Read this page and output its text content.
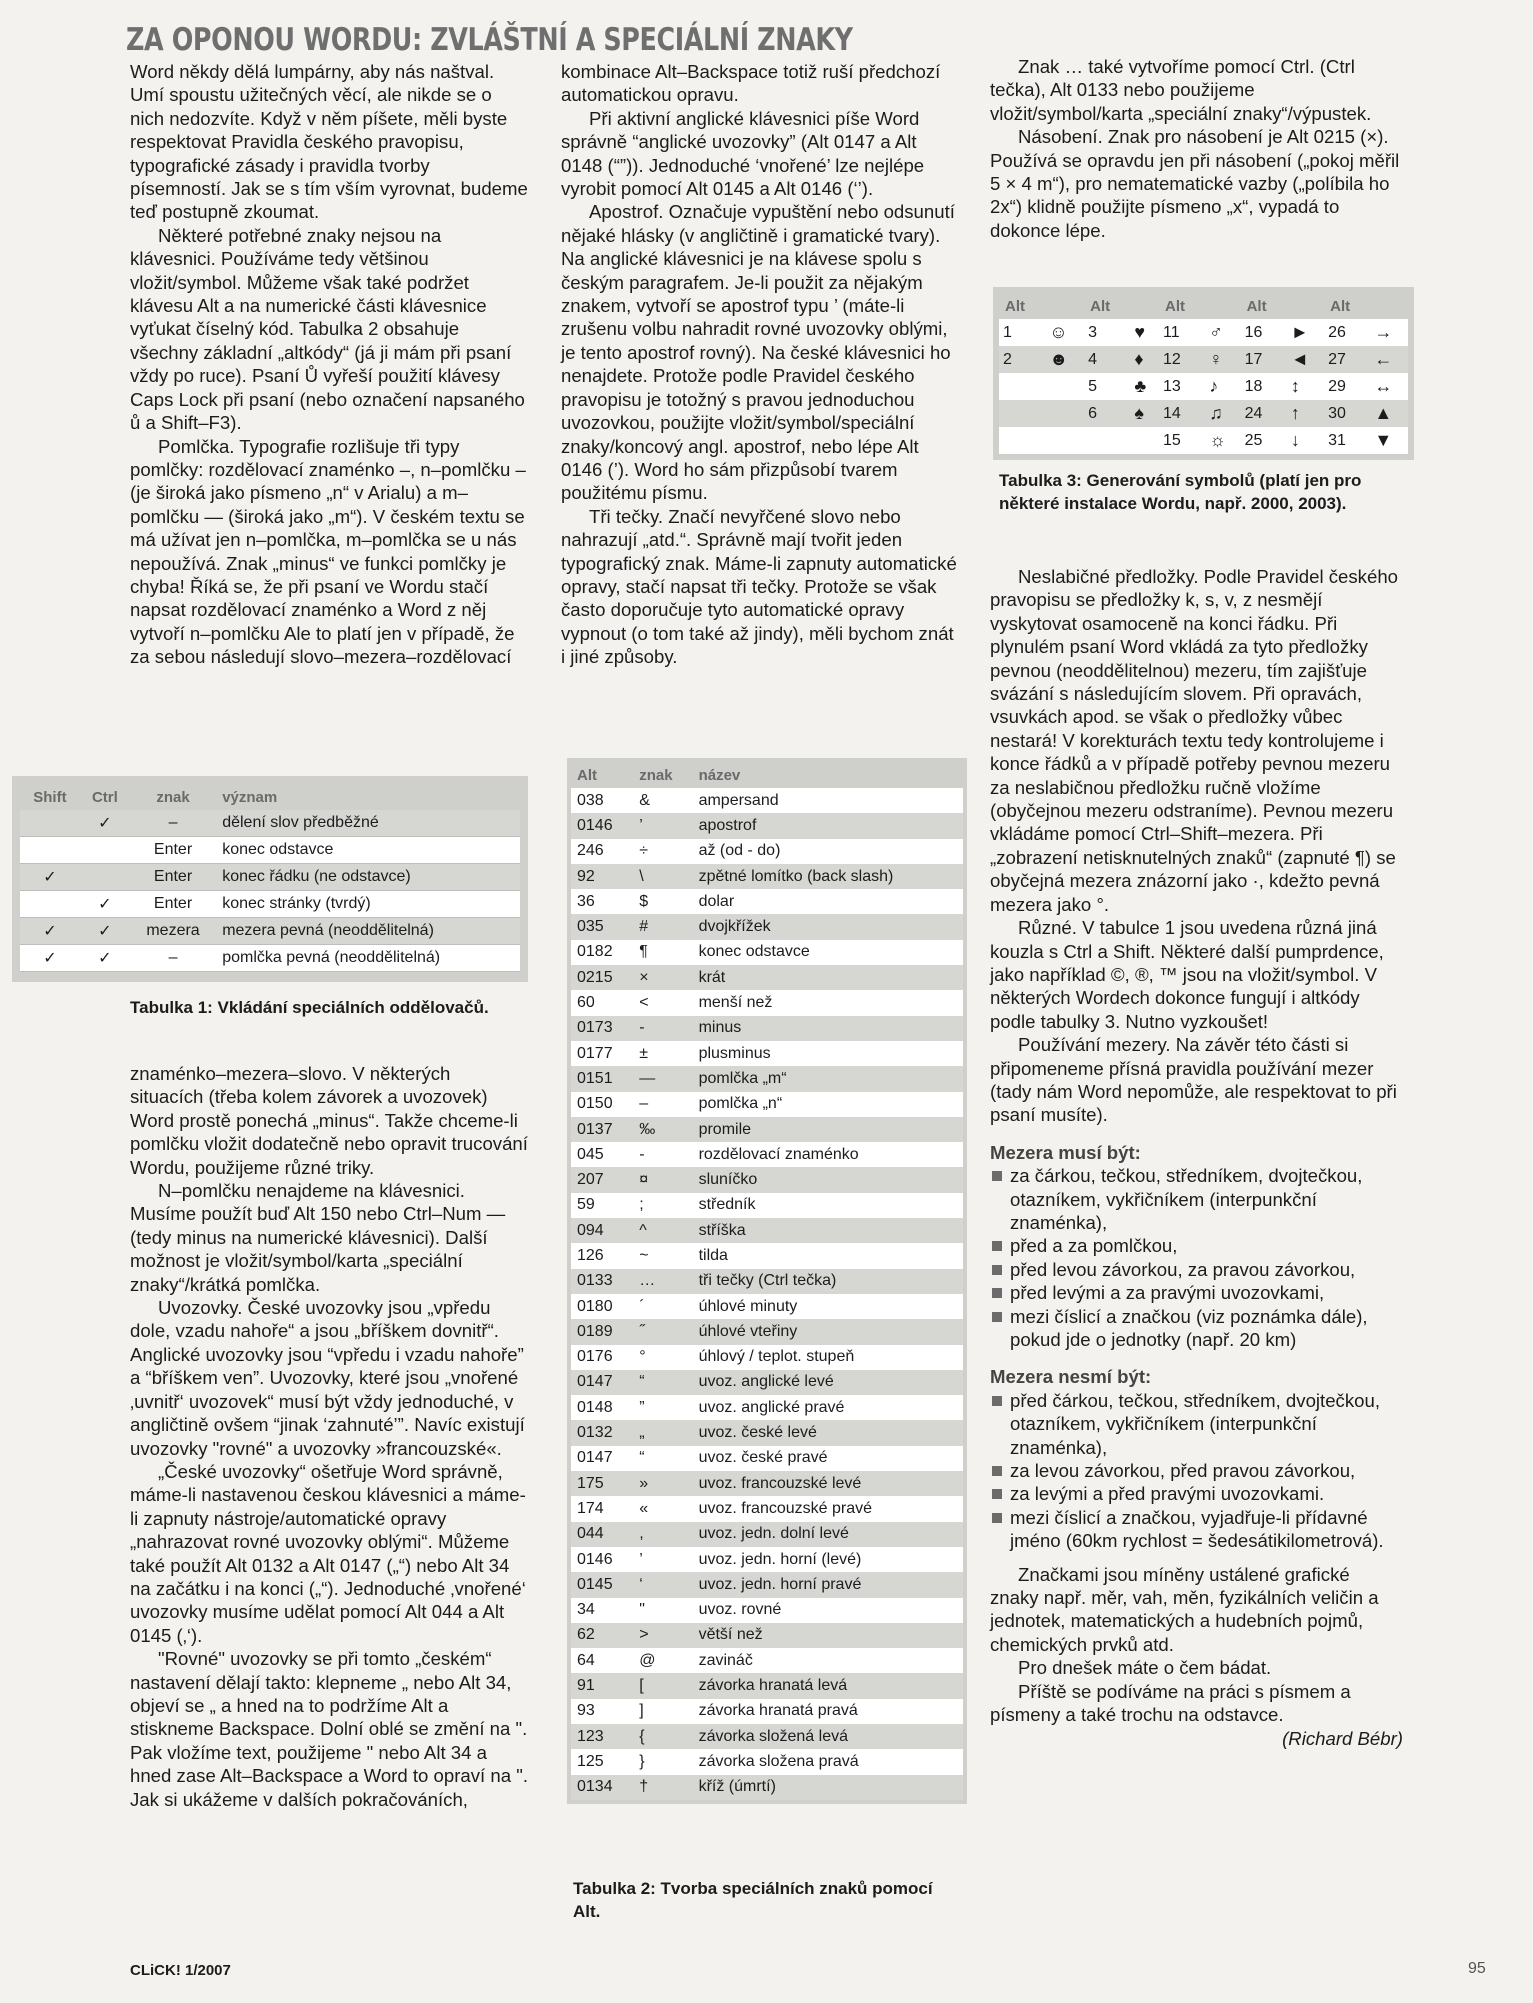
ZA OPONOU WORDU: ZVLÁŠTNÍ A SPECIÁLNÍ ZNAKY

Word někdy dělá lumpárny, aby nás naštval. Umí spoustu užitečných věcí, ale nikde se o nich nedozvíte. Když v něm píšete, měli byste respektovat Pravidla českého pravopisu, typografické zásady i pravidla tvorby písemností. Jak se s tím vším vyrovnat, budeme teď postupně zkoumat.

Některé potřebné znaky nejsou na klávesnici. Používáme tedy většinou vložit/symbol. Můžeme však také podržet klávesu Alt a na numerické části klávesnice vyťukat číselný kód. Tabulka 2 obsahuje všechny základní „altkódy“ (já ji mám při psaní vždy po ruce). Psaní Ů vyřeší použití klávesy Caps Lock při psaní (nebo označení napsaného ů a Shift–F3).

Pomlčka. Typografie rozlišuje tři typy pomlčky: rozdělovací znaménko –, n–pomlčku – (je široká jako písmeno „n“ v Arialu) a m–pomlčku — (široká jako „m“). V českém textu se má užívat jen n–pomlčka, m–pomlčka se u nás nepoužívá. Znak „minus“ ve funkci pomlčky je chyba! Říká se, že při psaní ve Wordu stačí napsat rozdělovací znaménko a Word z něj vytvoří n–pomlčku Ale to platí jen v případě, že za sebou následují slovo–mezera–rozdělovací

Shift	Ctrl	znak	význam
	✓	–	dělení slov předběžné
		Enter	konec odstavce
✓		Enter	konec řádku (ne odstavce)
	✓	Enter	konec stránky (tvrdý)
✓	✓	mezera	mezera pevná (neoddělitelná)
✓	✓	–	pomlčka pevná (neoddělitelná)
Tabulka 1: Vkládání speciálních oddělovačů.

znaménko–mezera–slovo. V některých situacích (třeba kolem závorek a uvozovek) Word prostě ponechá „minus“. Takže chceme-li pomlčku vložit dodatečně nebo opravit trucování Wordu, použijeme různé triky.

N–pomlčku nenajdeme na klávesnici. Musíme použít buď Alt 150 nebo Ctrl–Num — (tedy minus na numerické klávesnici). Další možnost je vložit/symbol/karta „speciální znaky“/krátká pomlčka.

Uvozovky. České uvozovky jsou „vpředu dole, vzadu nahoře“ a jsou „bříškem dovnitř“. Anglické uvozovky jsou “vpředu i vzadu nahoře” a “bříškem ven”. Uvozovky, které jsou „vnořené ‚uvnitř‘ uvozovek“ musí být vždy jednoduché, v angličtině ovšem “jinak ‘zahnuté’”. Navíc existují uvozovky "rovné" a uvozovky »francouzské«.

„České uvozovky“ ošetřuje Word správně, máme-li nastavenou českou klávesnici a máme-li zapnuty nástroje/automatické opravy „nahrazovat rovné uvozovky oblými“. Můžeme také použít Alt 0132 a Alt 0147 („“) nebo Alt 34 na začátku i na konci („“). Jednoduché ‚vnořené‘ uvozovky musíme udělat pomocí Alt 044 a Alt 0145 (‚‘).

"Rovné" uvozovky se při tomto „českém“ nastavení dělají takto: klepneme „ nebo Alt 34, objeví se „ a hned na to podržíme Alt a stiskneme Backspace. Dolní oblé se změní na ". Pak vložíme text, použijeme " nebo Alt 34 a hned zase Alt–Backspace a Word to opraví na ". Jak si ukážeme v dalších pokračováních,

kombinace Alt–Backspace totiž ruší předchozí automatickou opravu.

Při aktivní anglické klávesnici píše Word správně “anglické uvozovky” (Alt 0147 a Alt 0148 (“”)). Jednoduché ‘vnořené’ lze nejlépe vyrobit pomocí Alt 0145 a Alt 0146 (‘’).

Apostrof. Označuje vypuštění nebo odsunutí nějaké hlásky (v angličtině i gramatické tvary). Na anglické klávesnici je na klávese spolu s českým paragrafem. Je-li použit za nějakým znakem, vytvoří se apostrof typu ’ (máte-li zrušenu volbu nahradit rovné uvozovky oblými, je tento apostrof rovný). Na české klávesnici ho nenajdete. Protože podle Pravidel českého pravopisu je totožný s pravou jednoduchou uvozovkou, použijte vložit/symbol/speciální znaky/koncový angl. apostrof, nebo lépe Alt 0146 (’). Word ho sám přizpůsobí tvarem použitému písmu.

Tři tečky. Značí nevyřčené slovo nebo nahrazují „atd.“. Správně mají tvořit jeden typografický znak. Máme-li zapnuty automatické opravy, stačí napsat tři tečky. Protože se však často doporučuje tyto automatické opravy vypnout (o tom také až jindy), měli bychom znát i jiné způsoby.

Alt	znak	název
038	&	ampersand
0146	’	apostrof
246	÷	až (od - do)
92	\	zpětné lomítko (back slash)
36	$	dolar
035	#	dvojkřížek
0182	¶	konec odstavce
0215	×	krát
60	<	menší než
0173	-	minus
0177	±	plusminus
0151	—	pomlčka „m“
0150	–	pomlčka „n“
0137	‰	promile
045	-	rozdělovací znaménko
207	¤	sluníčko
59	;	středník
094	^	stříška
126	~	tilda
0133	…	tři tečky (Ctrl tečka)
0180	´	úhlové minuty
0189	˝	úhlové vteřiny
0176	°	úhlový / teplot. stupeň
0147	“	uvoz. anglické levé
0148	”	uvoz. anglické pravé
0132	„	uvoz. české levé
0147	“	uvoz. české pravé
175	»	uvoz. francouzské levé
174	«	uvoz. francouzské pravé
044	,	uvoz. jedn. dolní levé
0146	’	uvoz. jedn. horní (levé)
0145	‘	uvoz. jedn. horní pravé
34	"	uvoz. rovné
62	>	větší než
64	@	zavináč
91	[	závorka hranatá levá
93	]	závorka hranatá pravá
123	{	závorka složená levá
125	}	závorka složena pravá
0134	†	kříž (úmrtí)
Tabulka 2: Tvorba speciálních znaků pomocí Alt.

Znak … také vytvoříme pomocí Ctrl. (Ctrl tečka), Alt 0133 nebo použijeme vložit/symbol/karta „speciální znaky“/výpustek.

Násobení. Znak pro násobení je Alt 0215 (×). Používá se opravdu jen při násobení („pokoj měřil 5 × 4 m“), pro nematematické vazby („políbila ho 2x“) klidně použijte písmeno „x“, vypadá to dokonce lépe.

Alt		Alt		Alt		Alt		Alt	
1	☺	3	♥	11	♂	16	►	26	→
2	☻	4	♦	12	♀	17	◄	27	←
		5	♣	13	♪	18	↕	29	↔
		6	♠	14	♫	24	↑	30	▲
				15	☼	25	↓	31	▼
Tabulka 3: Generování symbolů (platí jen pro některé instalace Wordu, např. 2000, 2003).

Neslabičné předložky. Podle Pravidel českého pravopisu se předložky k, s, v, z nesmějí vyskytovat osamoceně na konci řádku. Při plynulém psaní Word vkládá za tyto předložky pevnou (neoddělitelnou) mezeru, tím zajišťuje svázání s následujícím slovem. Při opravách, vsuvkách apod. se však o předložky vůbec nestará! V korekturách textu tedy kontrolujeme i konce řádků a v případě potřeby pevnou mezeru za neslabičnou předložku ručně vložíme (obyčejnou mezeru odstraníme). Pevnou mezeru vkládáme pomocí Ctrl–Shift–mezera. Při „zobrazení netisknutelných znaků“ (zapnuté ¶) se obyčejná mezera znázorní jako ·, kdežto pevná mezera jako °.

Různé. V tabulce 1 jsou uvedena různá jiná kouzla s Ctrl a Shift. Některé další pumprdence, jako například ©, ®, ™ jsou na vložit/symbol. V některých Wordech dokonce fungují i altkódy podle tabulky 3. Nutno vyzkoušet!

Používání mezery. Na závěr této části si připomeneme přísná pravidla používání mezer (tady nám Word nepomůže, ale respektovat to při psaní musíte).

Mezera musí být:

za čárkou, tečkou, středníkem, dvojtečkou, otazníkem, vykřičníkem (interpunkční znaménka),
před a za pomlčkou,
před levou závorkou, za pravou závorkou,
před levými a za pravými uvozovkami,
mezi číslicí a značkou (viz poznámka dále), pokud jde o jednotky (např. 20 km)

Mezera nesmí být:

před čárkou, tečkou, středníkem, dvojtečkou, otazníkem, vykřičníkem (interpunkční znaménka),
za levou závorkou, před pravou závorkou,
za levými a před pravými uvozovkami.
mezi číslicí a značkou, vyjadřuje-li přídavné jméno (60km rychlost = šedesátikilometrová).

Značkami jsou míněny ustálené grafické znaky např. měr, vah, měn, fyzikálních veličin a jednotek, matematických a hudebních pojmů, chemických prvků atd.

Pro dnešek máte o čem bádat.

Příště se podíváme na práci s písmem a písmeny a také trochu na odstavce.

(Richard Bébr)

CLiCK! 1/2007	95
